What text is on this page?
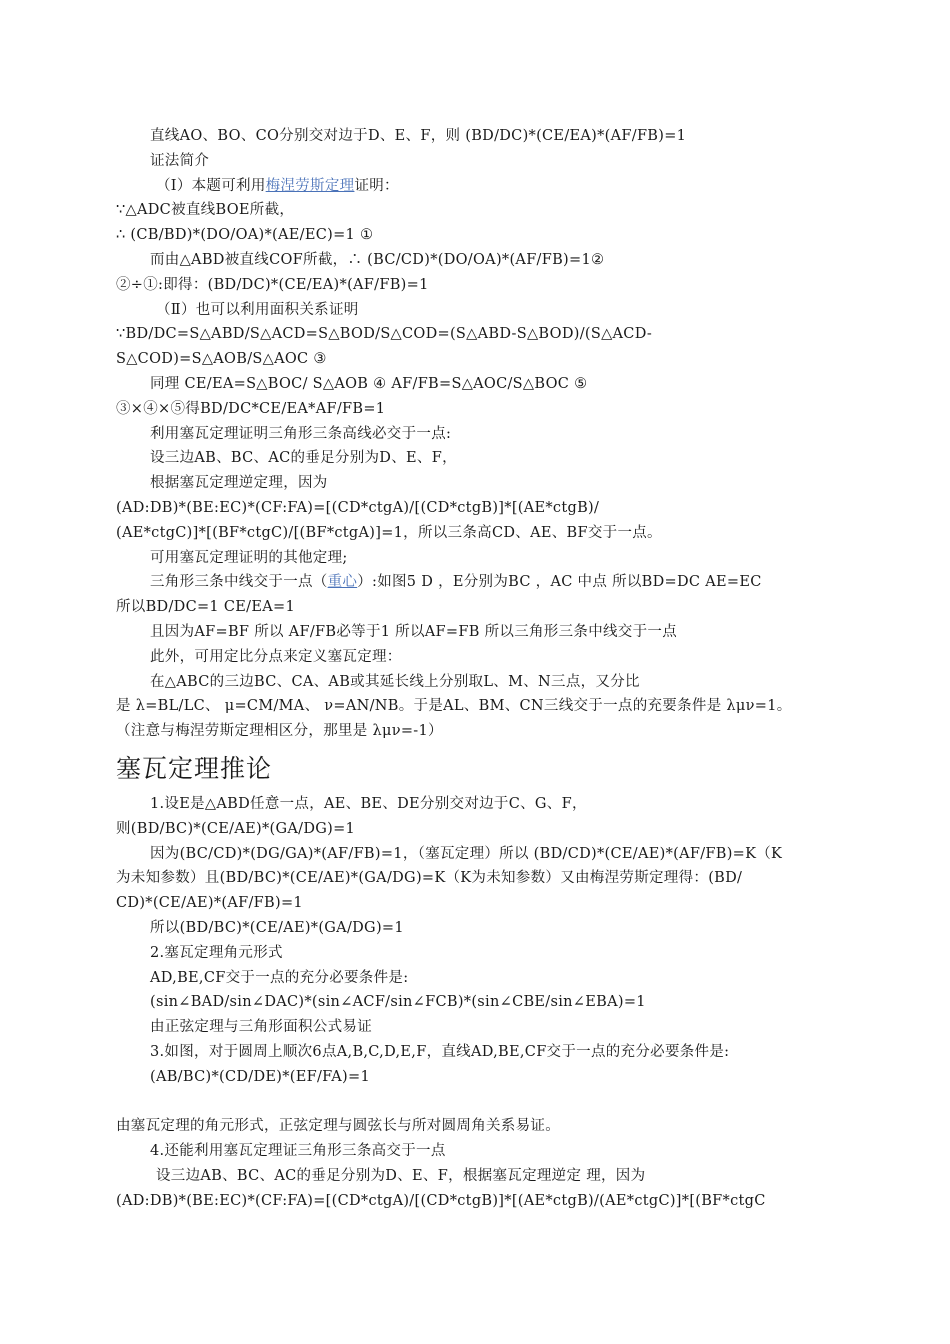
直线AO、BO、CO分别交对边于D、E、F，则 (BD/DC)*(CE/EA)*(AF/FB)=1
证法简介
（Ⅰ）本题可利用梅涅劳斯定理证明：
∵△ADC被直线BOE所截，
∴ (CB/BD)*(DO/OA)*(AE/EC)=1 ①
而由△ABD被直线COF所截，∴ (BC/CD)*(DO/OA)*(AF/FB)=1②
②÷①:即得：(BD/DC)*(CE/EA)*(AF/FB)=1
（Ⅱ）也可以利用面积关系证明
∵BD/DC=S△ABD/S△ACD=S△BOD/S△COD=(S△ABD-S△BOD)/(S△ACD-
S△COD)=S△AOB/S△AOC ③
同理 CE/EA=S△BOC/ S△AOB ④ AF/FB=S△AOC/S△BOC ⑤
③×④×⑤得BD/DC*CE/EA*AF/FB=1
利用塞瓦定理证明三角形三条高线必交于一点:
设三边AB、BC、AC的垂足分别为D、E、F，
根据塞瓦定理逆定理，因为
(AD:DB)*(BE:EC)*(CF:FA)=[(CD*ctgA)/[(CD*ctgB)]*[(AE*ctgB)/
(AE*ctgC)]*[(BF*ctgC)/[(BF*ctgA)]=1，所以三条高CD、AE、BF交于一点。
可用塞瓦定理证明的其他定理;
三角形三条中线交于一点（重心）:如图5 D ，E分别为BC ，AC 中点 所以BD=DC AE=EC
所以BD/DC=1 CE/EA=1
且因为AF=BF 所以 AF/FB必等于1 所以AF=FB 所以三角形三条中线交于一点
此外，可用定比分点来定义塞瓦定理：
在△ABC的三边BC、CA、AB或其延长线上分别取L、M、N三点，又分比
是 λ=BL/LC、 μ=CM/MA、 ν=AN/NB。于是AL、BM、CN三线交于一点的充要条件是 λμν=1。
（注意与梅涅劳斯定理相区分，那里是 λμν=-1）
塞瓦定理推论
1.设E是△ABD任意一点，AE、BE、DE分别交对边于C、G、F，
则(BD/BC)*(CE/AE)*(GA/DG)=1
因为(BC/CD)*(DG/GA)*(AF/FB)=1，（塞瓦定理）所以 (BD/CD)*(CE/AE)*(AF/FB)=K（K
为未知参数）且(BD/BC)*(CE/AE)*(GA/DG)=K（K为未知参数）又由梅涅劳斯定理得：(BD/
CD)*(CE/AE)*(AF/FB)=1
所以(BD/BC)*(CE/AE)*(GA/DG)=1
2.塞瓦定理角元形式
AD,BE,CF交于一点的充分必要条件是:
(sin∠BAD/sin∠DAC)*(sin∠ACF/sin∠FCB)*(sin∠CBE/sin∠EBA)=1
由正弦定理与三角形面积公式易证
3.如图，对于圆周上顺次6点A,B,C,D,E,F，直线AD,BE,CF交于一点的充分必要条件是:
(AB/BC)*(CD/DE)*(EF/FA)=1
由塞瓦定理的角元形式，正弦定理与圆弦长与所对圆周角关系易证。
4.还能利用塞瓦定理证三角形三条高交于一点
设三边AB、BC、AC的垂足分别为D、E、F，根据塞瓦定理逆定 理，因为
(AD:DB)*(BE:EC)*(CF:FA)=[(CD*ctgA)/[(CD*ctgB)]*[(AE*ctgB)/(AE*ctgC)]*[(BF*ctgC
